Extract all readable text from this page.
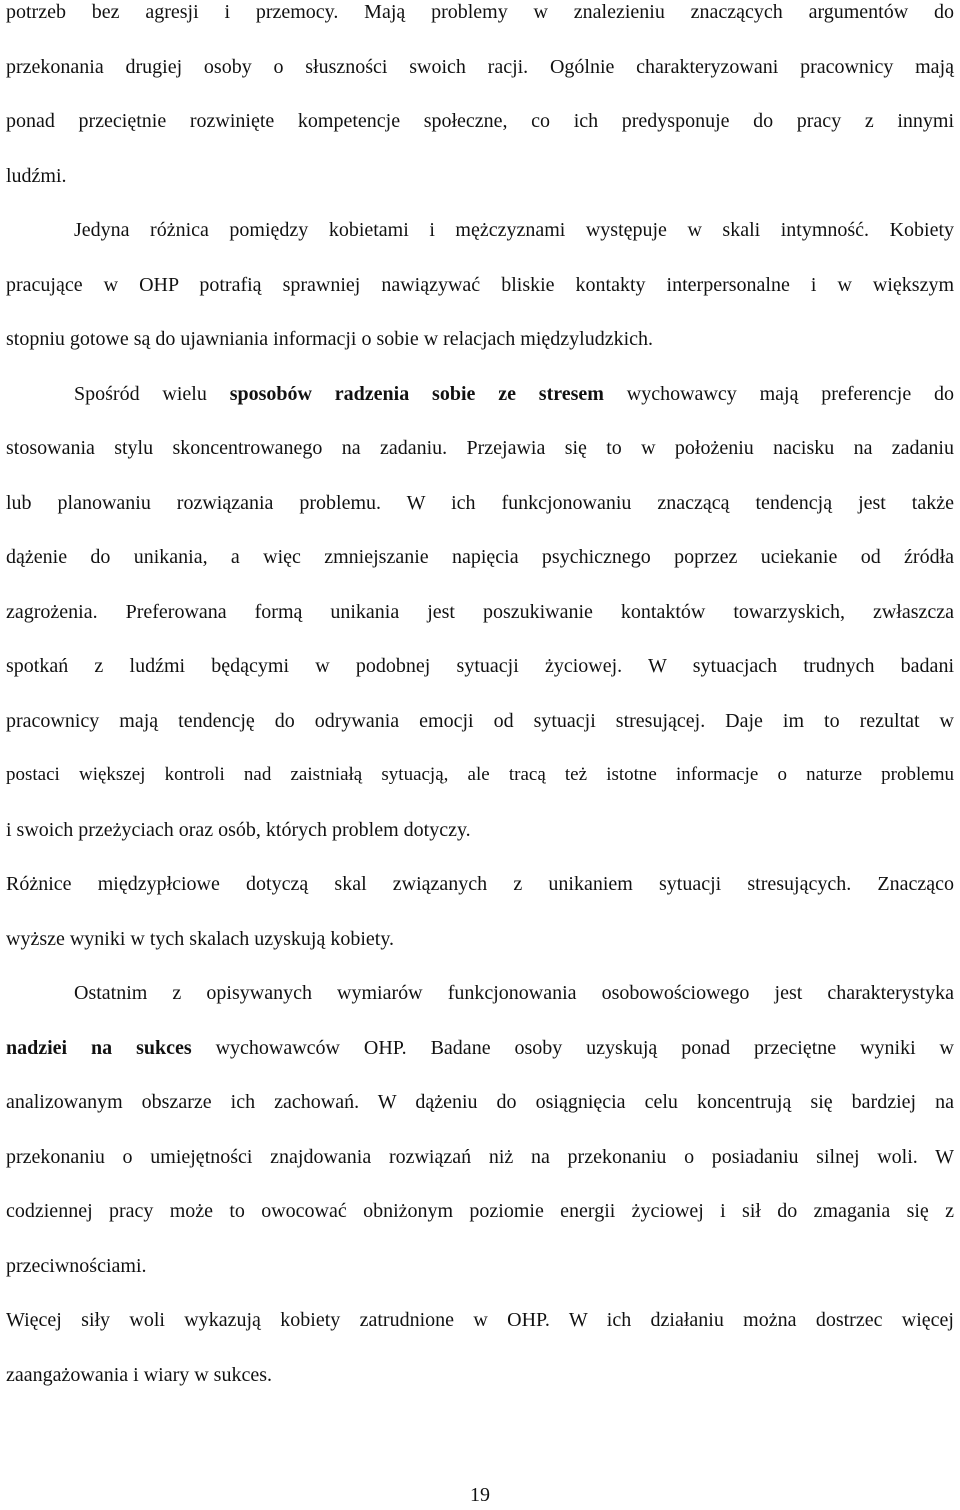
potrzeb bez agresji i przemocy. Mają problemy w znalezieniu znaczących argumentów do
przekonania drugiej osoby o słuszności swoich racji. Ogólnie charakteryzowani pracownicy mają
ponad przeciętnie rozwinięte kompetencje społeczne, co ich predysponuje do pracy z innymi
ludźmi.
Jedyna różnica pomiędzy kobietami i mężczyznami występuje w skali intymność. Kobiety
pracujące w OHP potrafią sprawniej nawiązywać bliskie kontakty interpersonalne i w większym
stopniu gotowe są do ujawniania informacji o sobie w relacjach międzyludzkich.
Spośród wielu sposobów radzenia sobie ze stresem wychowawcy mają preferencje do
stosowania stylu skoncentrowanego na zadaniu. Przejawia się to w położeniu nacisku na zadaniu
lub planowaniu rozwiązania problemu. W ich funkcjonowaniu znaczącą tendencją jest także
dążenie do unikania, a więc zmniejszanie napięcia psychicznego poprzez uciekanie od źródła
zagrożenia. Preferowana formą unikania jest poszukiwanie kontaktów towarzyskich, zwłaszcza
spotkań z ludźmi będącymi w podobnej sytuacji życiowej. W sytuacjach trudnych badani
pracownicy mają tendencję do odrywania emocji od sytuacji stresującej. Daje im to rezultat w
postaci większej kontroli nad zaistniałą sytuacją, ale tracą też istotne informacje o naturze problemu
i swoich przeżyciach oraz osób, których problem dotyczy.
Różnice międzypłciowe dotyczą skal związanych z unikaniem sytuacji stresujących. Znacząco
wyższe wyniki w tych skalach uzyskują kobiety.
Ostatnim z opisywanych wymiarów funkcjonowania osobowościowego jest charakterystyka
nadziei na sukces wychowawców OHP. Badane osoby uzyskują ponad przeciętne wyniki w
analizowanym obszarze ich zachowań. W dążeniu do osiągnięcia celu koncentrują się bardziej na
przekonaniu o umiejętności znajdowania rozwiązań niż na przekonaniu o posiadaniu silnej woli. W
codziennej pracy może to owocować obniżonym poziomie energii życiowej i sił do zmagania się z
przeciwnościami.
Więcej siły woli wykazują kobiety zatrudnione w OHP. W ich działaniu można dostrzec więcej
zaangażowania i wiary w sukces.
19
